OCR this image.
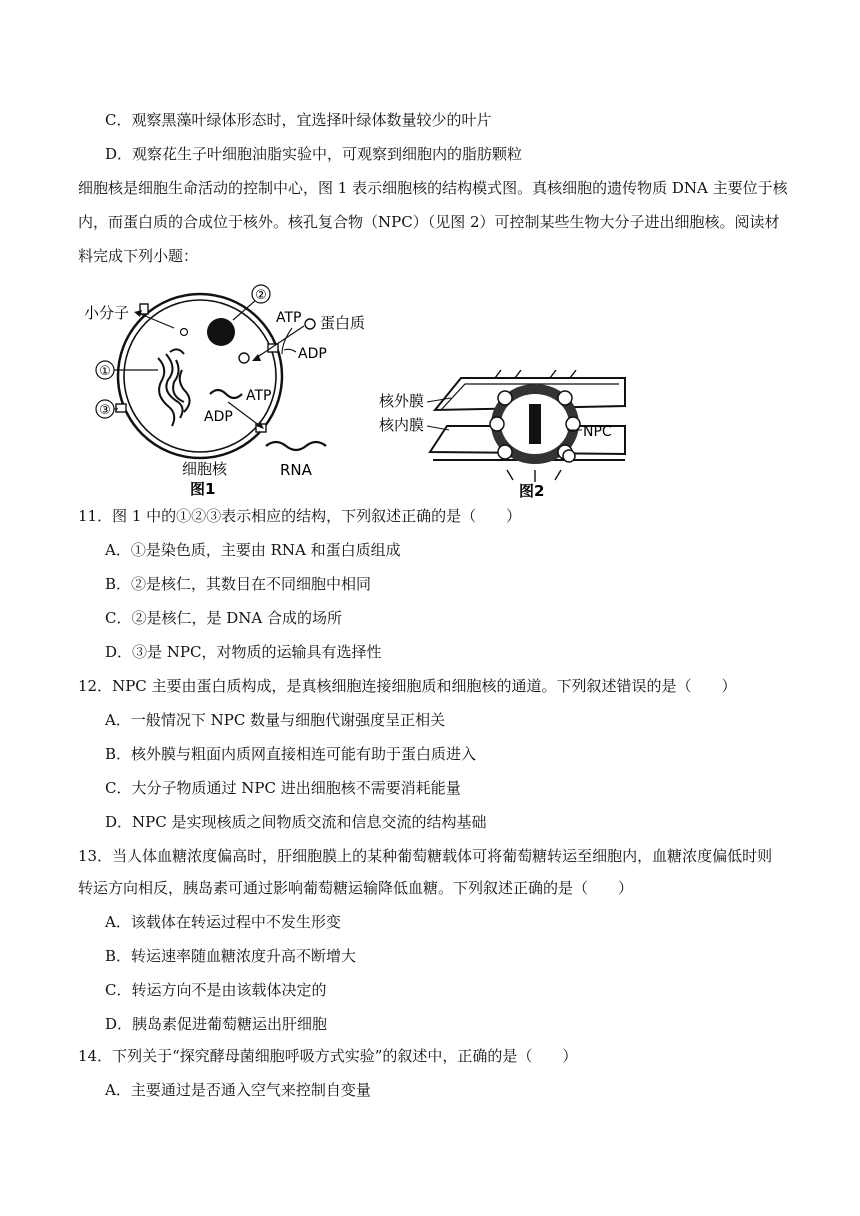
C．观察黑藻叶绿体形态时，宜选择叶绿体数量较少的叶片
D．观察花生子叶细胞油脂实验中，可观察到细胞内的脂肪颗粒
细胞核是细胞生命活动的控制中心，图 1 表示细胞核的结构模式图。真核细胞的遗传物质 DNA 主要位于核
内，而蛋白质的合成位于核外。核孔复合物（NPC）（见图 2）可控制某些生物大分子进出细胞核。阅读材
料完成下列小题：
②
小分子
蛋白质
ATP
ADP
ATP
ADP
RNA
①
③
细胞核
图1
核外膜
核内膜	NPC
图2
11．图 1 中的①②③表示相应的结构，下列叙述正确的是（　　）
A．①是染色质，主要由 RNA 和蛋白质组成
B．②是核仁，其数目在不同细胞中相同
C．②是核仁，是 DNA 合成的场所
D．③是 NPC，对物质的运输具有选择性
12．NPC 主要由蛋白质构成，是真核细胞连接细胞质和细胞核的通道。下列叙述错误的是（　　）
A．一般情况下 NPC 数量与细胞代谢强度呈正相关
B．核外膜与粗面内质网直接相连可能有助于蛋白质进入
C．大分子物质通过 NPC 进出细胞核不需要消耗能量
D．NPC 是实现核质之间物质交流和信息交流的结构基础
13．当人体血糖浓度偏高时，肝细胞膜上的某种葡萄糖载体可将葡萄糖转运至细胞内，血糖浓度偏低时则
转运方向相反，胰岛素可通过影响葡萄糖运输降低血糖。下列叙述正确的是（　　）
A．该载体在转运过程中不发生形变
B．转运速率随血糖浓度升高不断增大
C．转运方向不是由该载体决定的
D．胰岛素促进葡萄糖运出肝细胞
14．下列关于“探究酵母菌细胞呼吸方式实验”的叙述中，正确的是（　　）
A．主要通过是否通入空气来控制自变量
